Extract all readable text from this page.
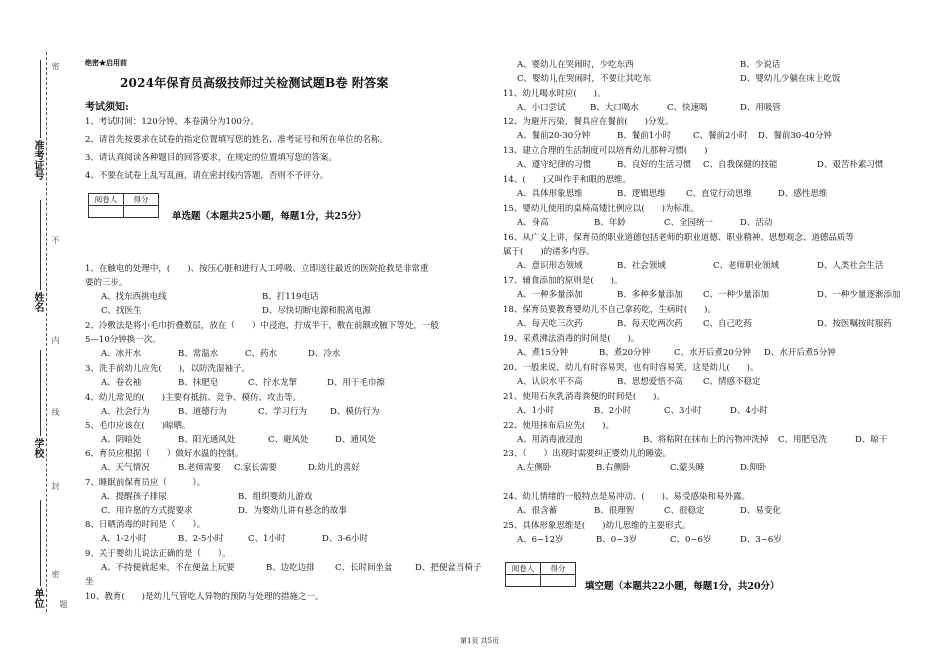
准考证号
姓名
学校
单位
密
不
内
线
封
密
题
绝密★启用前
2024年保育员高级技师过关检测试题B卷 附答案
考试须知:
1、考试时间：120分钟，本卷满分为100分。
2、请首先按要求在试卷的指定位置填写您的姓名、准考证号和所在单位的名称。
3、请认真阅读各种题目的回答要求，在规定的位置填写您的答案。
4、不要在试卷上乱写乱画，请在密封线内答题，否则不予评分。
阅卷人	得分

单选题（本题共25小题，每题1分，共25分）
1、在触电的处理中，(　　)、按压心脏和进行人工呼吸、立即送往最近的医院抢救是非常重
要的三步。
A、找东西挑电线	B、打119电话
C、找医生	D、尽快切断电源和脱离电源
2、冷敷法是将小毛巾折叠数层，放在（　　）中浸泡，拧成半干，敷在前额或腋下等处，一般
5—10分钟换一次。
A、冰开水	B、常温水	C、药水	D、冷水
3、洗手前幼儿应先(　　)，以防洗湿袖子。
A、卷衣袖	B、抹肥皂	C、拧水龙挈	D、用干毛巾擦
4、幼儿常见的(　　)主要有抵抗、竞争、模仿、攻击等。
A、社会行为	B、道德行为	C、学习行为	D、模仿行为
5、毛巾应该在(　　)晾晒。
A、阴暗处	B、阳光通风处	C、避风处	D、通风处
6、育员应根据（　　）做好水温的控制。
A、天气情况	B.老师需要 C.家长需要	D.幼儿的喜好
7、睡眠前保育员应（　　　）。
A．提醒孩子排尿	B．组织婴幼儿游戏
C．用许愿的方式提要求	D．为婴幼儿讲有悬念的故事
8、日晒消毒的时间是（　　）。
A、1-2小时	B、2-5小时	C、1小时	D、3-6小时
9、关于婴幼儿说法正确的是（　　）。
A、不持便就起来，不在便盆上玩要	B、边吃边排 C、长时间坐盆	D、把便盆当椅子
坐
10、教育(　　)是幼儿气管吃人异物的预防与处理的措施之一。
A、婴幼儿在哭闹时，少吃东西	B、少说话
C、婴幼儿在哭闹时，不要让其吃东	D、婴幼儿少躺在床上吃饭
11、幼儿喝水时应(　　)。
A、小口尝试	B、大口喝水	C、快速喝	D、用吸管
12、为避开污染，餐具应在餐前(　　)分发。
A、餐前20-30分钟	B、餐前1小时	C、餐前2小时 D、餐前30-40分钟
13、建立合理的生活制度可以培育幼儿那种习惯(　　)
A、遵守纪律的习惯	B、良好的生活习惯 C、自我保健的技能	D、艰苦朴素习惯
14、(　　)又叫作手和眼的思维。
A、具体形象思维	B、逻辑思维 C、直觉行动思维	D、感性思维
15、婴幼儿使用的桌椅高矮比例应以(　　)为标准。
A、身高	B、年龄	C、全园统一	D、活动
16、从广义上讲，保育员的职业道德包括老师的职业道德、职业精神、思想观念、道德品质等
属于(　　)的诸多内容。
A、意识形态领域	B、社会领域	C、老师职业领域	D、人类社会生活
17、辅食添加的原则是(　　)。
A、一种多量添加	B、多种多量添加 C、一种少量添加	D、一种少量逐渐添加
18、保育员要教育婴幼儿不自己拿药吃，生病时(　　)。
A、每天吃三次药	B、每天吃两次药 C、自己吃药	D、按医嘱按时服药
19、采煮沸法消毒的时间是(　　)。
A、煮15分钟	B、煮20分钟	C、水开后煮20分钟 D、水开后煮5分钟
20、一般来说，幼儿有时容易哭，也有时容易笑，这是幼儿(　　)。
A、认识水平不高	B、思想爱悟不高 C、情感不稳定
21、使用石灰乳消毒粪便的时间是(　　)。
A、1小时	B、2小时	C、3小时	D、4小时
22、使用抹布后应先(　　)。
A、用消毒液浸泡	B、将粘附在抹布上的污物冲洗掉 C、用肥皂洗	D、晾干
23、（　　）出现时需要纠正婴幼儿的睡姿。
A.左侧卧	B.右侧卧	C.蒙头睡	D.仰卧
24、幼儿情绪的一般特点是易冲动、(　　)、易受感染和易外露。
A、很含蓄	B、很理智	C、很稳定	D、易变化
25、具体形象思维是(　　)幼儿思维的主要形式。
A、6~12岁	B、0~3岁	C、0~6岁	D、3~6岁
阅卷人	得分

填空题（本题共22小题，每题1分，共20分）
第1页 共5页
